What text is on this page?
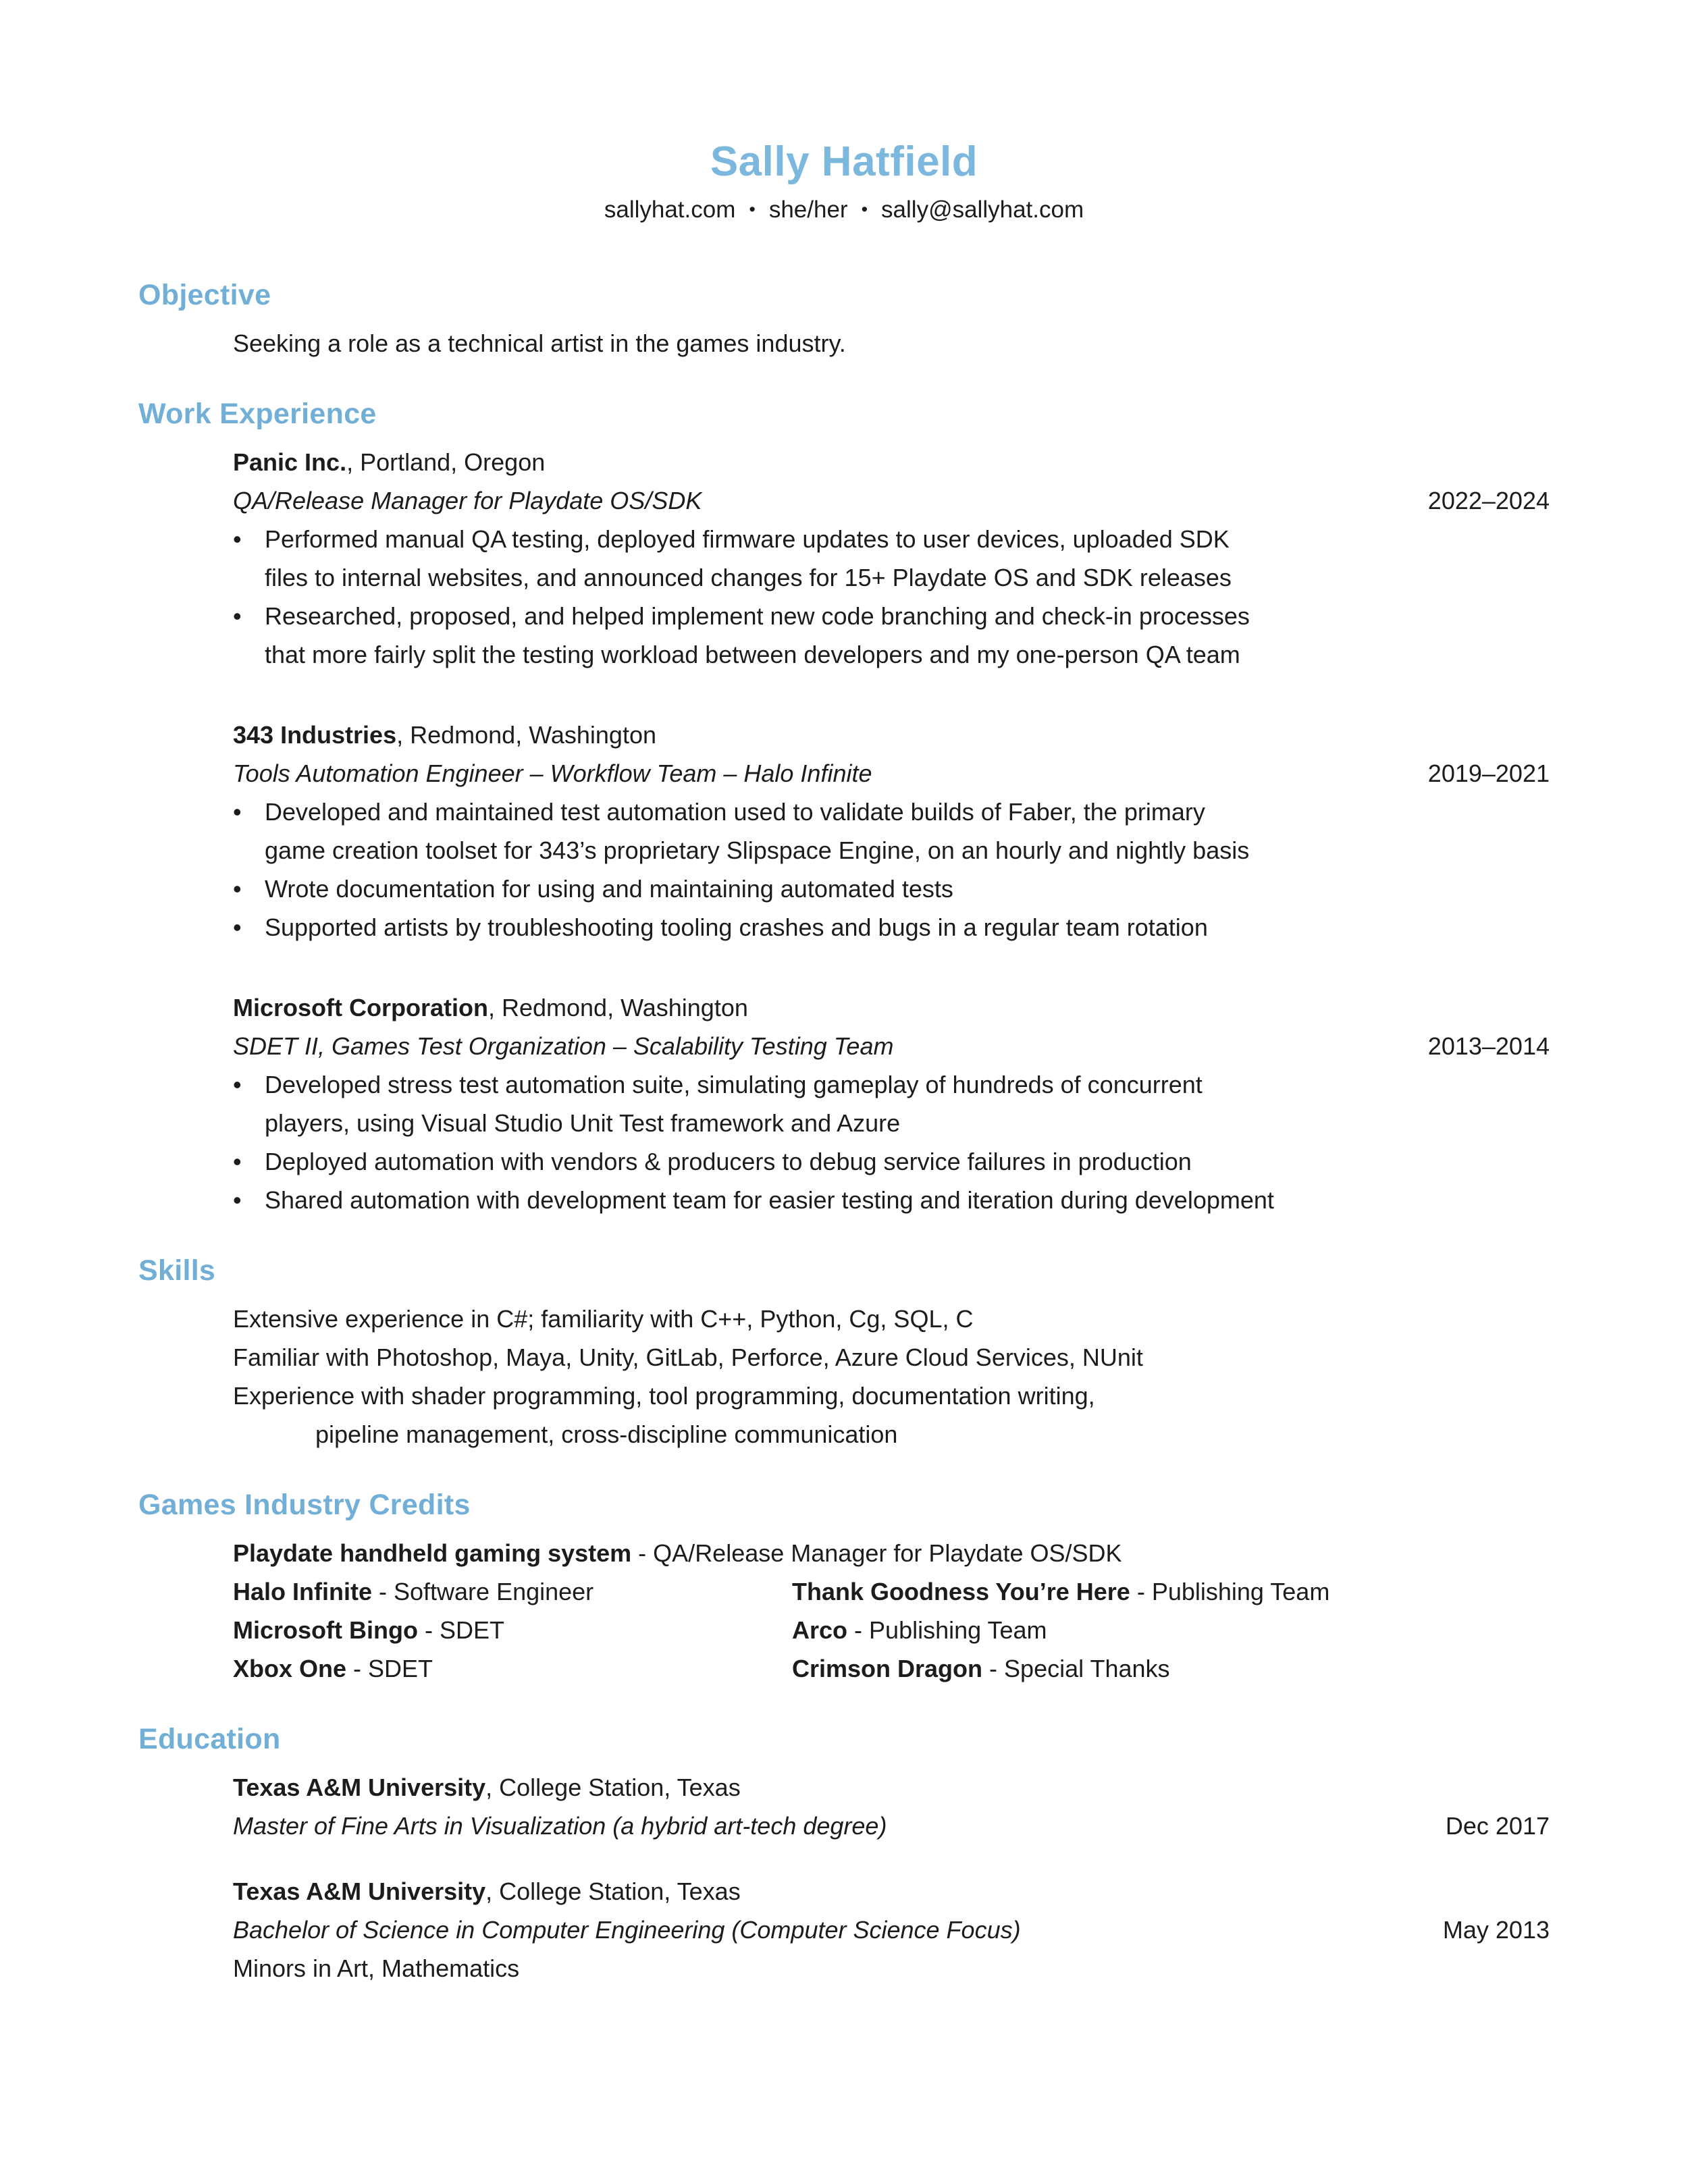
Sally Hatfield
sallyhat.com • she/her • sally@sallyhat.com
Objective
Seeking a role as a technical artist in the games industry.
Work Experience
Panic Inc., Portland, Oregon
QA/Release Manager for Playdate OS/SDK	2022–2024
• Performed manual QA testing, deployed firmware updates to user devices, uploaded SDK
files to internal websites, and announced changes for 15+ Playdate OS and SDK releases
• Researched, proposed, and helped implement new code branching and check-in processes
that more fairly split the testing workload between developers and my one-person QA team
343 Industries, Redmond, Washington
Tools Automation Engineer – Workflow Team – Halo Infinite	2019–2021
• Developed and maintained test automation used to validate builds of Faber, the primary
game creation toolset for 343’s proprietary Slipspace Engine, on an hourly and nightly basis
• Wrote documentation for using and maintaining automated tests
• Supported artists by troubleshooting tooling crashes and bugs in a regular team rotation
Microsoft Corporation, Redmond, Washington
SDET II, Games Test Organization – Scalability Testing Team	2013–2014
• Developed stress test automation suite, simulating gameplay of hundreds of concurrent
players, using Visual Studio Unit Test framework and Azure
• Deployed automation with vendors & producers to debug service failures in production
• Shared automation with development team for easier testing and iteration during development
Skills
Extensive experience in C#; familiarity with C++, Python, Cg, SQL, C
Familiar with Photoshop, Maya, Unity, GitLab, Perforce, Azure Cloud Services, NUnit
Experience with shader programming, tool programming, documentation writing,
pipeline management, cross-discipline communication
Games Industry Credits
Playdate handheld gaming system - QA/Release Manager for Playdate OS/SDK
Halo Infinite - Software Engineer	Thank Goodness You’re Here - Publishing Team
Microsoft Bingo - SDET	Arco - Publishing Team
Xbox One - SDET	Crimson Dragon - Special Thanks
Education
Texas A&M University, College Station, Texas
Master of Fine Arts in Visualization (a hybrid art-tech degree)	Dec 2017
Texas A&M University, College Station, Texas
Bachelor of Science in Computer Engineering (Computer Science Focus)	May 2013
Minors in Art, Mathematics
